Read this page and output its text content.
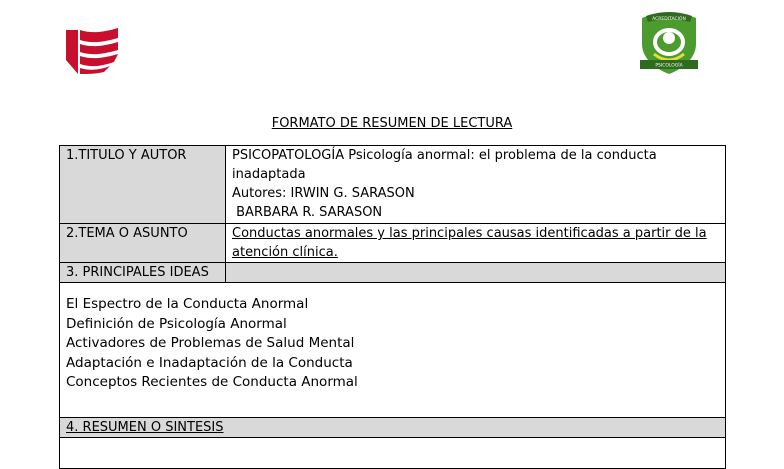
ACREDITACIÓN
PSICOLOGÍA
FORMATO DE RESUMEN DE LECTURA
1.TITULO Y AUTOR	PSICOPATOLOGÍA Psicología anormal: el problema de la conducta
inadaptada
Autores: IRWIN G. SARASON
BARBARA R. SARASON

2.TEMA O ASUNTO	Conductas anormales y las principales causas identificadas a partir de la
atención clínica.

3. PRINCIPALES IDEAS	

El Espectro de la Conducta Anormal
Definición de Psicología Anormal
Activadores de Problemas de Salud Mental
Adaptación e Inadaptación de la Conducta
Conceptos Recientes de Conducta Anormal	

4. RESUMEN O SINTESIS	
